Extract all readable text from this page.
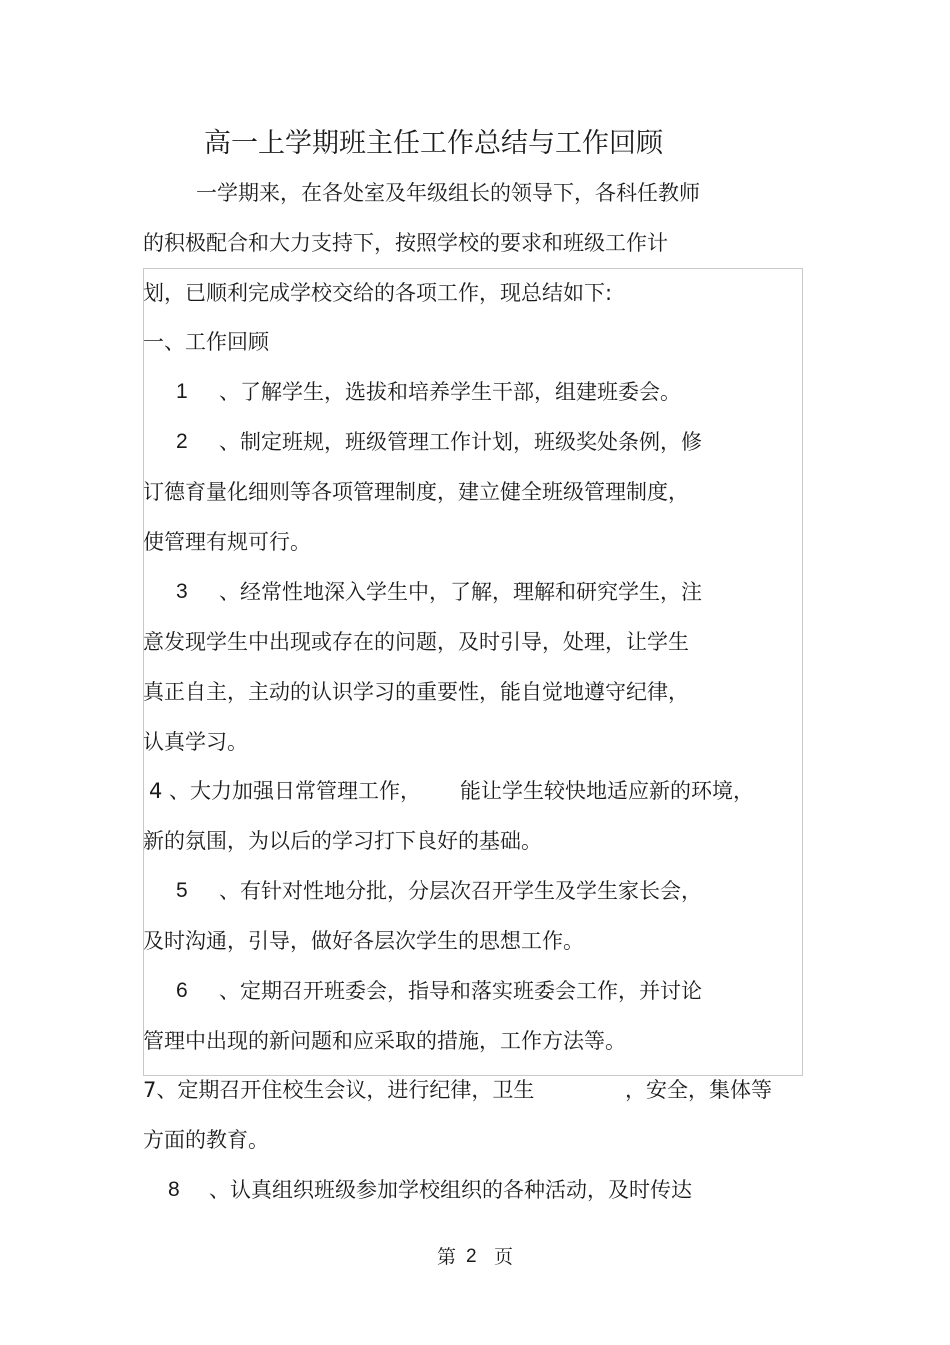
高一上学期班主任工作总结与工作回顾
一学期来，在各处室及年级组长的领导下，各科任教师
的积极配合和大力支持下，按照学校的要求和班级工作计
划，已顺利完成学校交给的各项工作，现总结如下:
一、工作回顾
1 、了解学生，选拔和培养学生干部，组建班委会。
2 、制定班规，班级管理工作计划，班级奖处条例，修
订德育量化细则等各项管理制度，建立健全班级管理制度，
使管理有规可行。
3 、经常性地深入学生中，了解，理解和研究学生，注
意发现学生中出现或存在的问题，及时引导，处理，让学生
真正自主，主动的认识学习的重要性，能自觉地遵守纪律，
认真学习。
4 、大力加强日常管理工作， 能让学生较快地适应新的环境，
新的氛围，为以后的学习打下良好的基础。
5 、有针对性地分批，分层次召开学生及学生家长会，
及时沟通，引导，做好各层次学生的思想工作。
6 、定期召开班委会，指导和落实班委会工作，并讨论
管理中出现的新问题和应采取的措施，工作方法等。
7、定期召开住校生会议，进行纪律，卫生	，安全，集体等
方面的教育。
8 、认真组织班级参加学校组织的各种活动，及时传达
第 2 页
